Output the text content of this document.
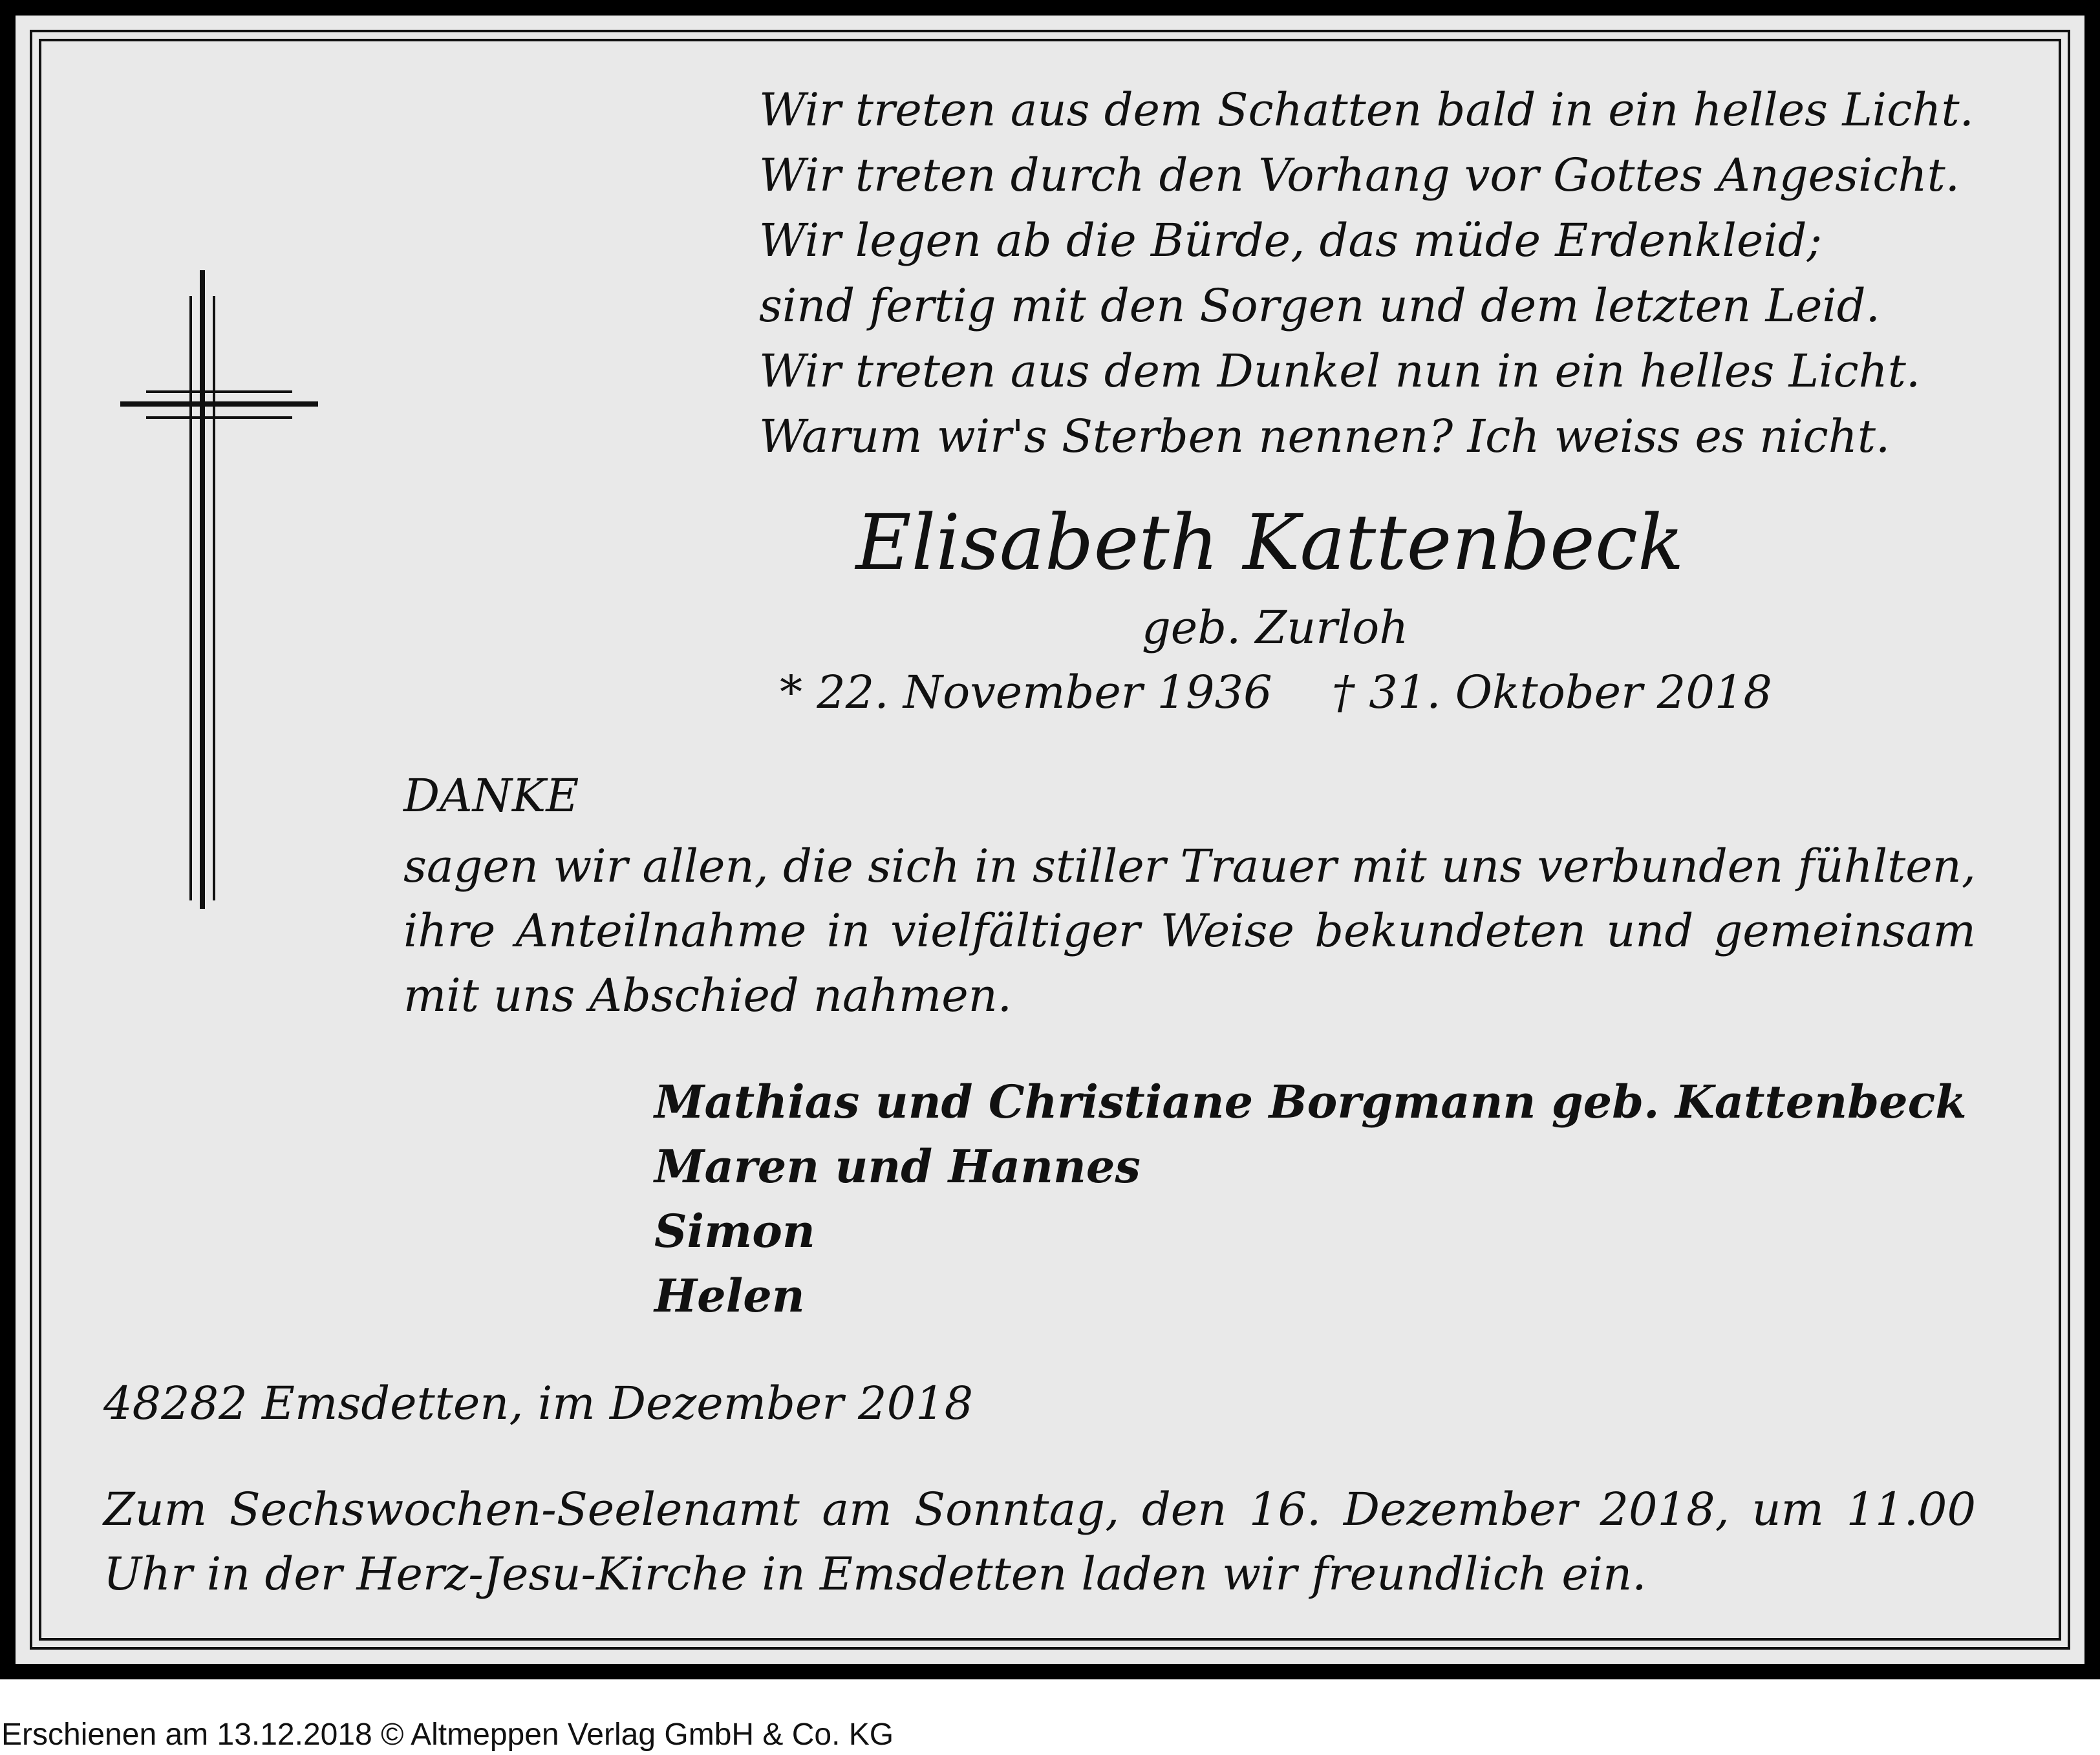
Wir treten aus dem Schatten bald in ein helles Licht.
Wir treten durch den Vorhang vor Gottes Angesicht.
Wir legen ab die Bürde, das müde Erdenkleid;
sind fertig mit den Sorgen und dem letzten Leid.
Wir treten aus dem Dunkel nun in ein helles Licht.
Warum wir's Sterben nennen? Ich weiss es nicht.
Elisabeth Kattenbeck
geb. Zurloh
* 22. November 1936 † 31. Oktober 2018
DANKE
sagen wir allen, die sich in stiller Trauer mit uns verbunden fühlten, ihre Anteilnahme in vielfältiger Weise bekundeten und gemeinsam mit uns Abschied nahmen.
Mathias und Christiane Borgmann geb. Kattenbeck
Maren und Hannes
Simon
Helen
48282 Emsdetten, im Dezember 2018
Zum Sechswochen-Seelenamt am Sonntag, den 16. Dezember 2018, um 11.00 Uhr in der Herz-Jesu-Kirche in Emsdetten laden wir freundlich ein.
Erschienen am 13.12.2018 © Altmeppen Verlag GmbH & Co. KG
